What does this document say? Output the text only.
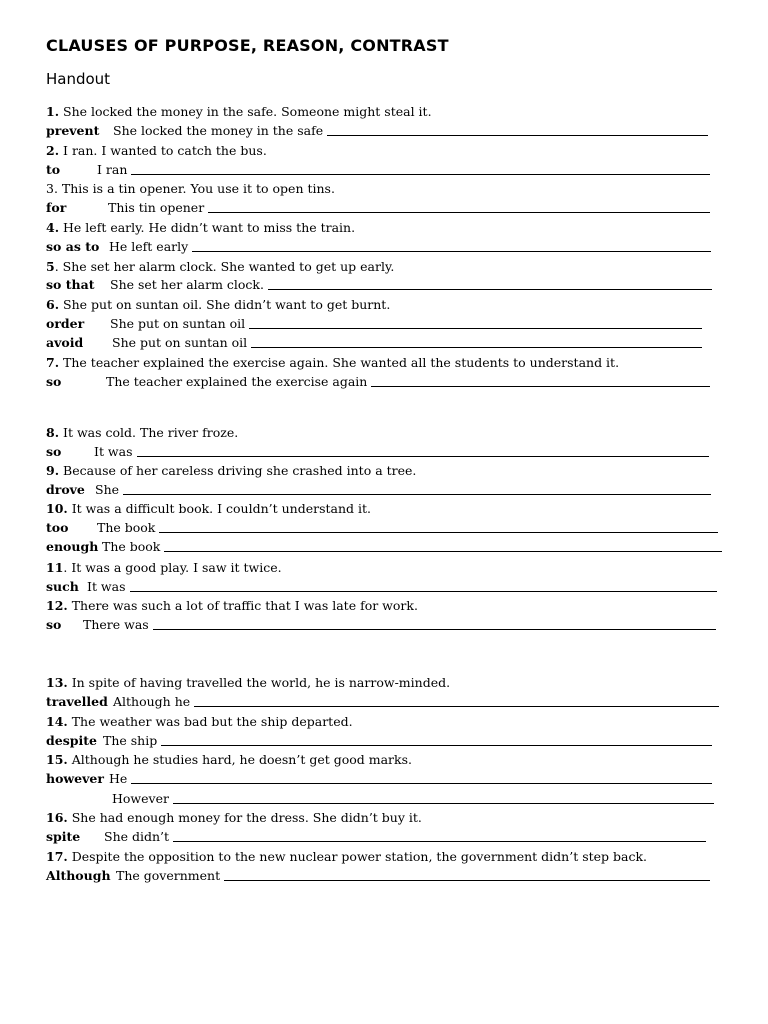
CLAUSES OF PURPOSE, REASON, CONTRAST
Handout
1. She locked the money in the safe. Someone might steal it.
prevent She locked the money in the safe
2. I ran. I wanted to catch the bus.
to	I ran
3. This is a tin opener. You use it to open tins.
for	This tin opener
4. He left early. He didn’t want to miss the train.
so as to He left early
5. She set her alarm clock. She wanted to get up early.
so that She set her alarm clock.
6. She put on suntan oil. She didn’t want to get burnt.
order She put on suntan oil
avoid She put on suntan oil
7. The teacher explained the exercise again. She wanted all the students to understand it.
so	The teacher explained the exercise again
8. It was cold. The river froze.
so	It was
9. Because of her careless driving she crashed into a tree.
drove She
10. It was a difficult book. I couldn’t understand it.
too The book
enough The book
11. It was a good play. I saw it twice.
such It was
12. There was such a lot of traffic that I was late for work.
so There was
13. In spite of having travelled the world, he is narrow-minded.
travelled Although he
14. The weather was bad but the ship departed.
despite The ship
15. Although he studies hard, he doesn’t get good marks.
however He
However
16. She had enough money for the dress. She didn’t buy it.
spite She didn’t
17. Despite the opposition to the new nuclear power station, the government didn’t step back.
Although The government
